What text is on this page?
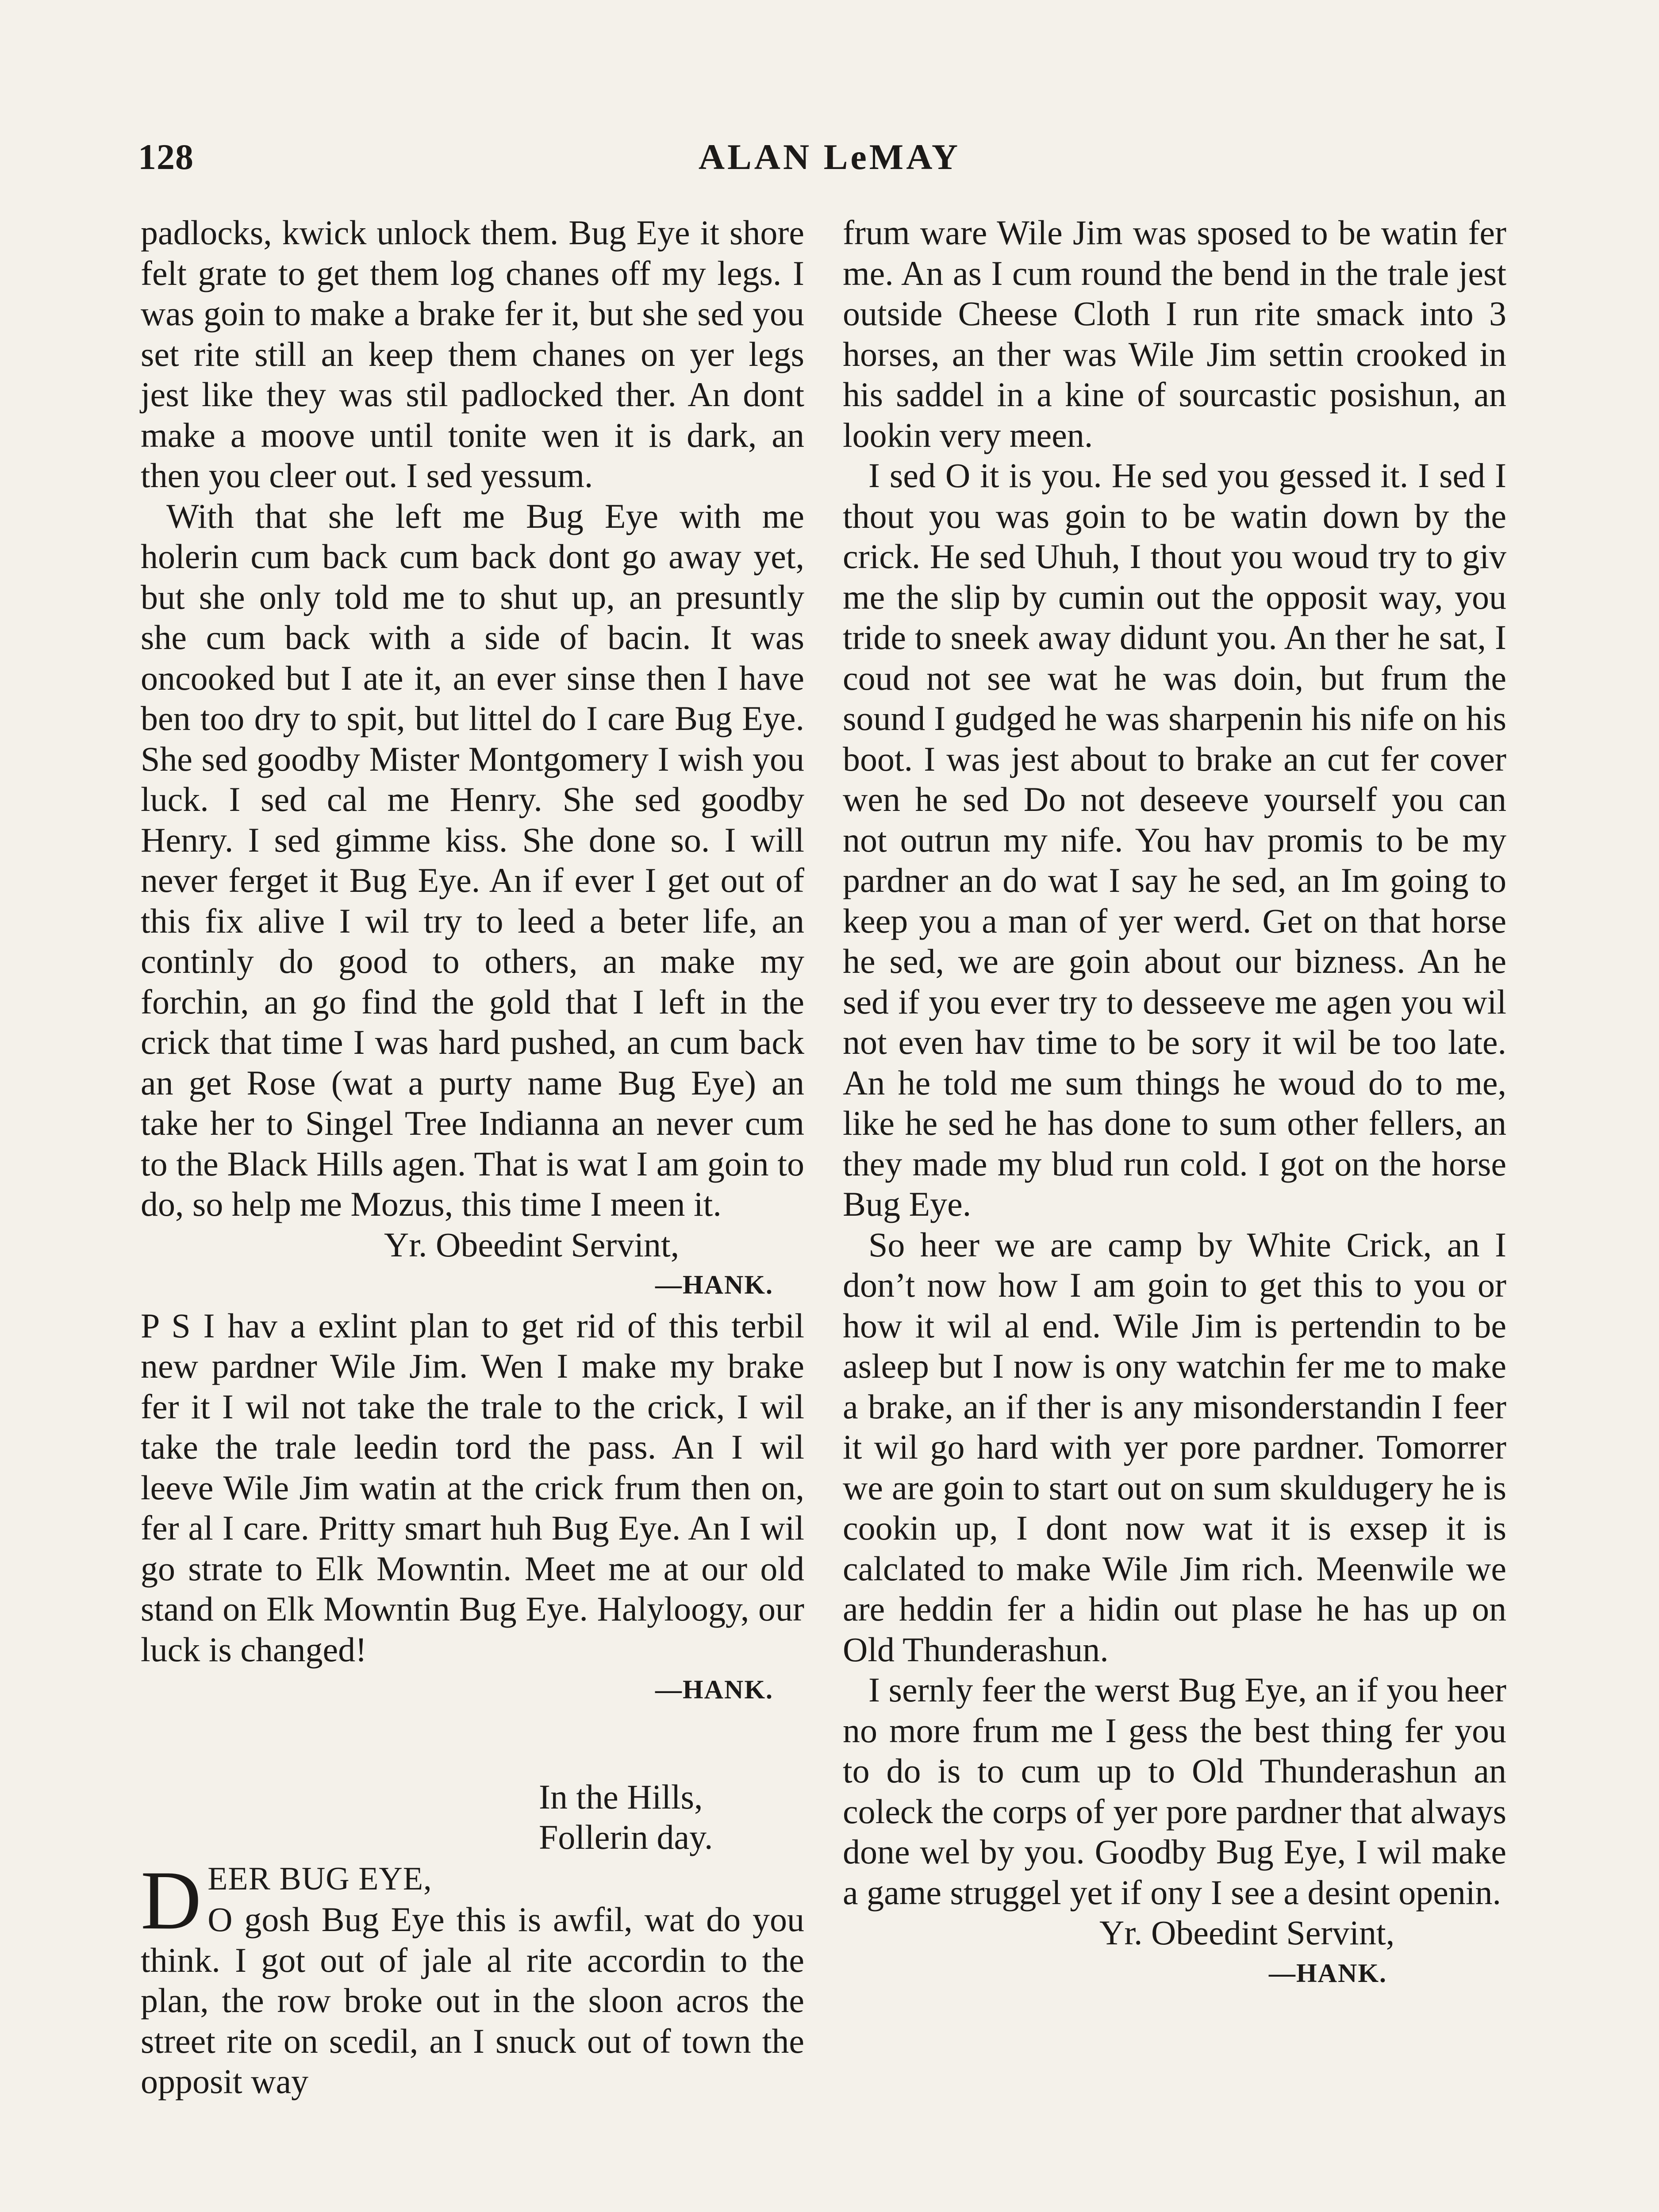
128	ALAN LeMAY

padlocks, kwick unlock them. Bug Eye it shore felt grate to get them log chanes off my legs. I was goin to make a brake fer it, but she sed you set rite still an keep them chanes on yer legs jest like they was stil padlocked ther. An dont make a moove until tonite wen it is dark, an then you cleer out. I sed yessum.

With that she left me Bug Eye with me holerin cum back cum back dont go away yet, but she only told me to shut up, an presuntly she cum back with a side of bacin. It was oncooked but I ate it, an ever sinse then I have ben too dry to spit, but littel do I care Bug Eye. She sed goodby Mister Montgomery I wish you luck. I sed cal me Henry. She sed goodby Henry. I sed gimme kiss. She done so. I will never ferget it Bug Eye. An if ever I get out of this fix alive I wil try to leed a beter life, an continly do good to others, an make my forchin, an go find the gold that I left in the crick that time I was hard pushed, an cum back an get Rose (wat a purty name Bug Eye) an take her to Singel Tree Indianna an never cum to the Black Hills agen. That is wat I am goin to do, so help me Mozus, this time I meen it.

Yr. Obeedint Servint,

—HANK.

P S I hav a exlint plan to get rid of this terbil new pardner Wile Jim. Wen I make my brake fer it I wil not take the trale to the crick, I wil take the trale leedin tord the pass. An I wil leeve Wile Jim watin at the crick frum then on, fer al I care. Pritty smart huh Bug Eye. An I wil go strate to Elk Mowntin. Meet me at our old stand on Elk Mowntin Bug Eye. Halyloogy, our luck is changed!

—HANK.

In the Hills,

Follerin day.

DEER BUG EYE,

O gosh Bug Eye this is awfil, wat do you think. I got out of jale al rite accordin to the plan, the row broke out in the sloon acros the street rite on scedil, an I snuck out of town the opposit way

frum ware Wile Jim was sposed to be watin fer me. An as I cum round the bend in the trale jest outside Cheese Cloth I run rite smack into 3 horses, an ther was Wile Jim settin crooked in his saddel in a kine of sourcastic posishun, an lookin very meen.

I sed O it is you. He sed you gessed it. I sed I thout you was goin to be watin down by the crick. He sed Uhuh, I thout you woud try to giv me the slip by cumin out the opposit way, you tride to sneek away didunt you. An ther he sat, I coud not see wat he was doin, but frum the sound I gudged he was sharpenin his nife on his boot. I was jest about to brake an cut fer cover wen he sed Do not deseeve yourself you can not outrun my nife. You hav promis to be my pardner an do wat I say he sed, an Im going to keep you a man of yer werd. Get on that horse he sed, we are goin about our bizness. An he sed if you ever try to desseeve me agen you wil not even hav time to be sory it wil be too late. An he told me sum things he woud do to me, like he sed he has done to sum other fellers, an they made my blud run cold. I got on the horse Bug Eye.

So heer we are camp by White Crick, an I don’t now how I am goin to get this to you or how it wil al end. Wile Jim is pertendin to be asleep but I now is ony watchin fer me to make a brake, an if ther is any misonderstandin I feer it wil go hard with yer pore pardner. Tomorrer we are goin to start out on sum skuldugery he is cookin up, I dont now wat it is exsep it is calclated to make Wile Jim rich. Meenwile we are heddin fer a hidin out plase he has up on Old Thunderashun.

I sernly feer the werst Bug Eye, an if you heer no more frum me I gess the best thing fer you to do is to cum up to Old Thunderashun an coleck the corps of yer pore pardner that always done wel by you. Goodby Bug Eye, I wil make a game struggel yet if ony I see a desint openin.

Yr. Obeedint Servint,

—HANK.
